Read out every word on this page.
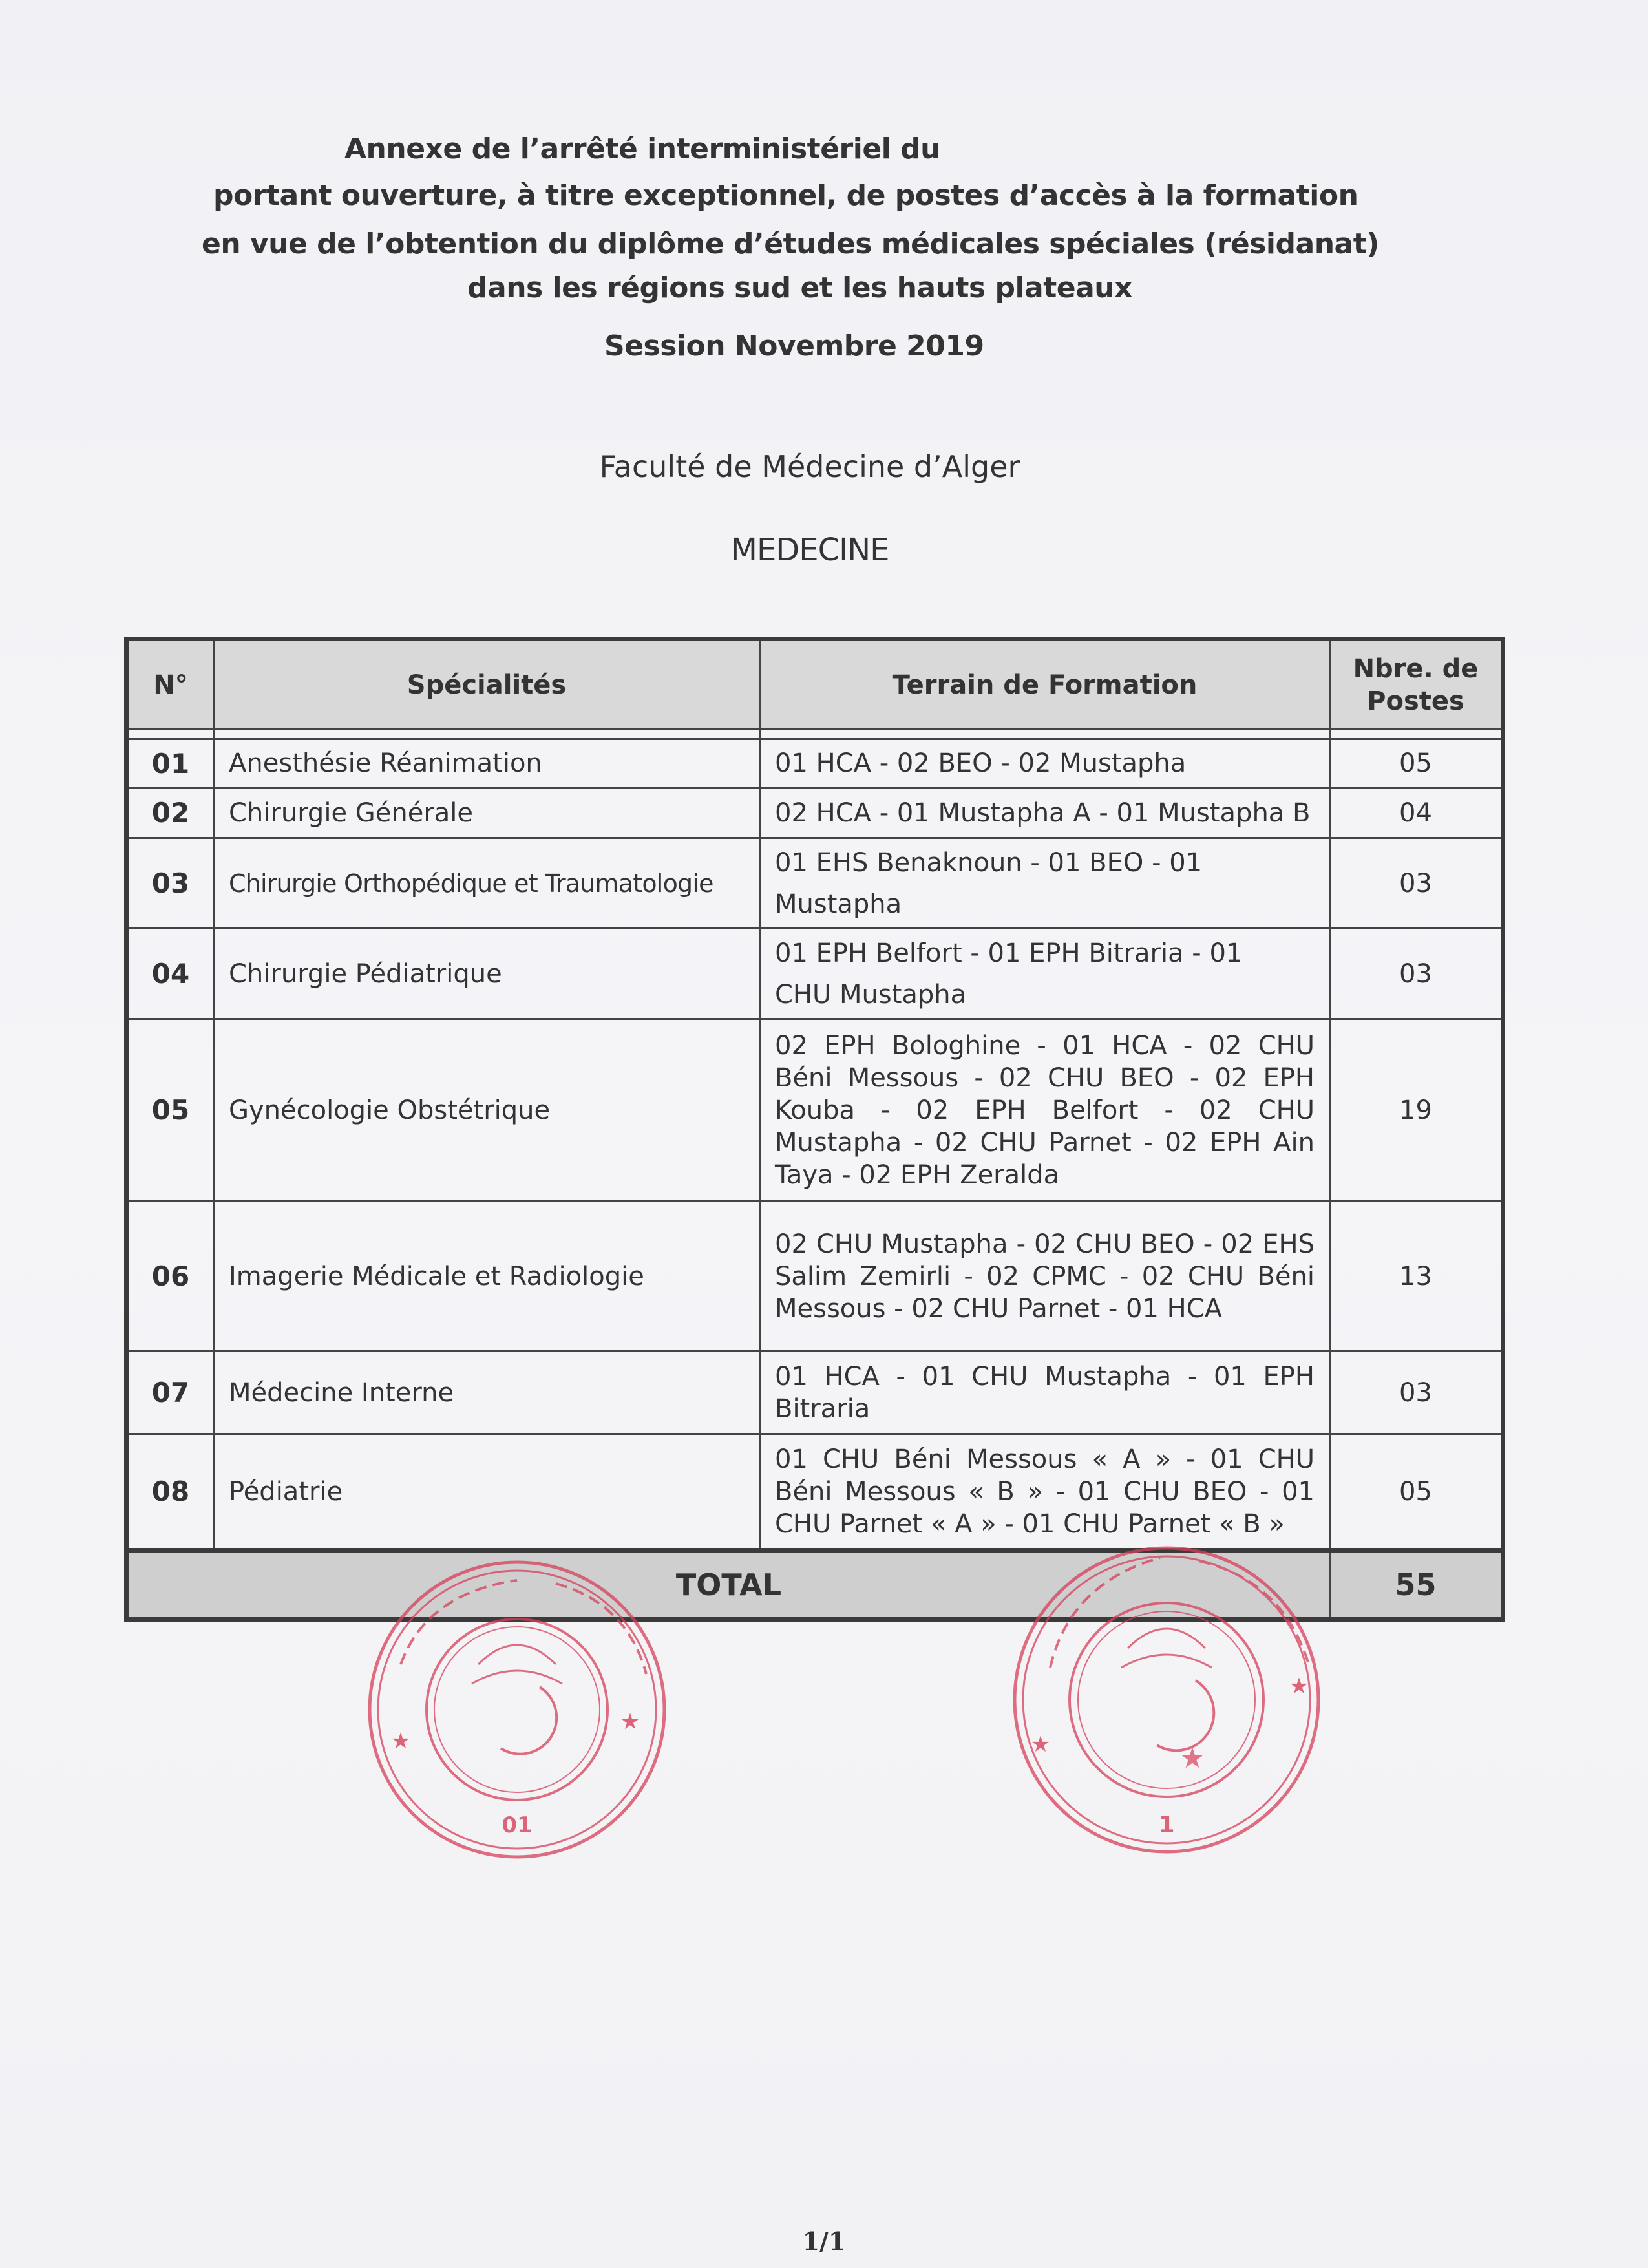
Annexe de l’arrêté interministériel du
portant ouverture, à titre exceptionnel, de postes d’accès à la formation
en vue de l’obtention du diplôme d’études médicales spéciales (résidanat)
dans les régions sud et les hauts plateaux
Session Novembre 2019
Faculté de Médecine d’Alger
MEDECINE
N°	Spécialités	Terrain de Formation	Nbre. de Postes

01	Anesthésie Réanimation	01 HCA - 02 BEO - 02 Mustapha	05
02	Chirurgie Générale	02 HCA - 01 Mustapha A - 01 Mustapha B	04
03	Chirurgie Orthopédique et Traumatologie	01 EHS Benaknoun - 01 BEO - 01 Mustapha	03
04	Chirurgie Pédiatrique	01 EPH Belfort - 01 EPH Bitraria - 01 CHU Mustapha	03
05	Gynécologie Obstétrique	02 EPH Bologhine - 01 HCA - 02 CHU Béni Messous - 02 CHU BEO - 02 EPH Kouba - 02 EPH Belfort - 02 CHU Mustapha - 02 CHU Parnet - 02 EPH Ain Taya - 02 EPH Zeralda	19
06	Imagerie Médicale et Radiologie	02 CHU Mustapha - 02 CHU BEO - 02 EHS Salim Zemirli - 02 CPMC - 02 CHU Béni Messous - 02 CHU Parnet - 01 HCA	13
07	Médecine Interne	01 HCA - 01 CHU Mustapha - 01 EPH Bitraria	03
08	Pédiatrie	01 CHU Béni Messous « A » - 01 CHU Béni Messous « B » - 01 CHU BEO - 01 CHU Parnet « A » - 01 CHU Parnet « B »	05
TOTAL			55
01
★
★
1
★
★
★
1/1
